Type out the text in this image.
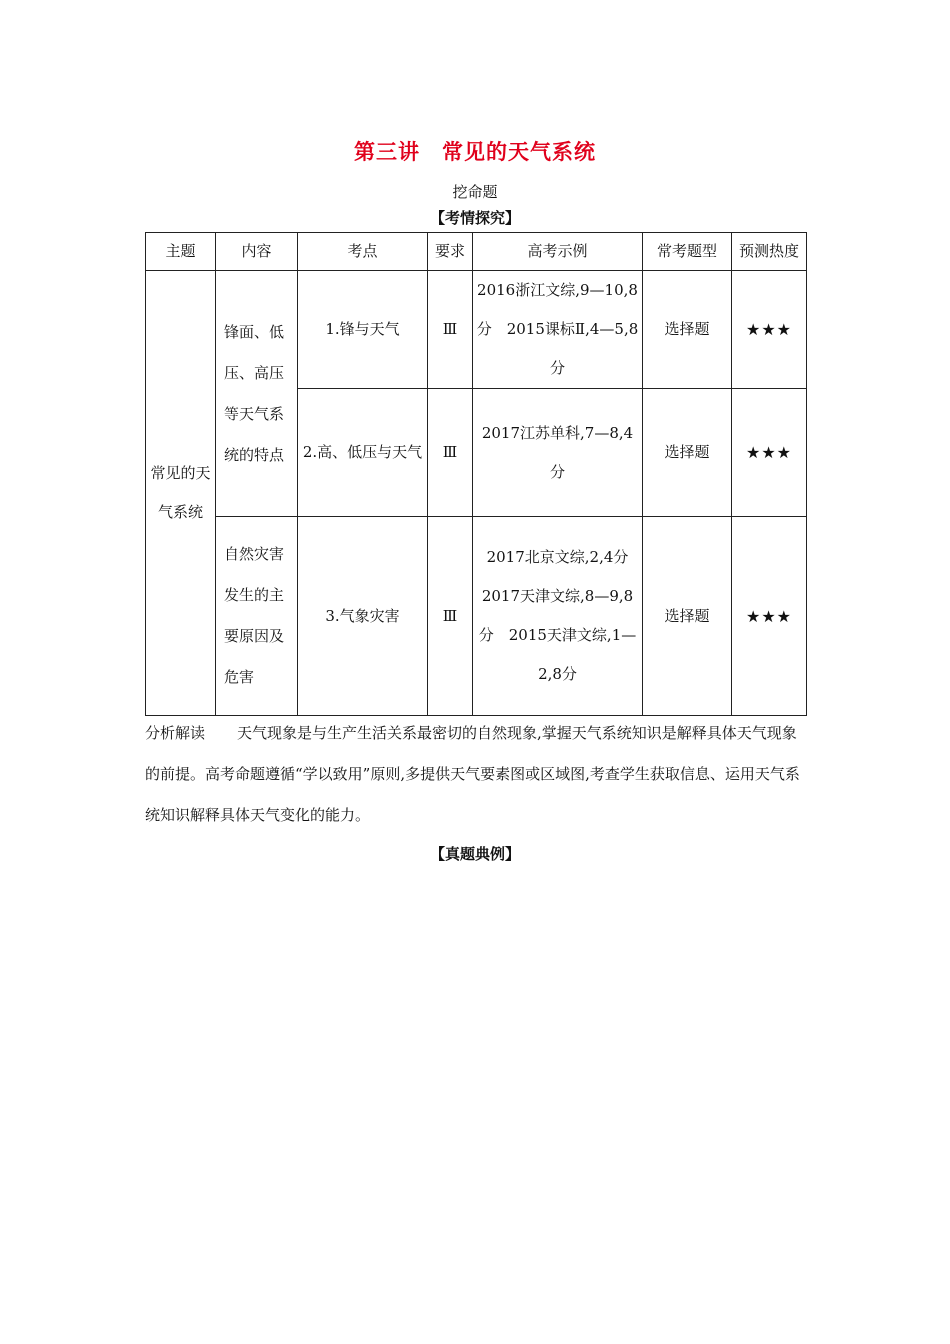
第三讲　常见的天气系统
挖命题
【考情探究】
主题	内容	考点	要求	高考示例	常考题型	预测热度
常见的天气系统	锋面、低压、高压等天气系统的特点	1.锋与天气	Ⅲ	2016浙江文综,9—10,8分　2015课标Ⅱ,4—5,8分	选择题	★★★
		2.高、低压与天气	Ⅲ	2017江苏单科,7—8,4分	选择题	★★★
	自然灾害发生的主要原因及危害	3.气象灾害	Ⅲ	2017北京文综,2,4分　2017天津文综,8—9,8分　2015天津文综,1—2,8分	选择题	★★★
分析解读 天气现象是与生产生活关系最密切的自然现象,掌握天气系统知识是解释具体天气现象的前提。高考命题遵循“学以致用”原则,多提供天气要素图或区域图,考查学生获取信息、运用天气系统知识解释具体天气变化的能力。
【真题典例】
